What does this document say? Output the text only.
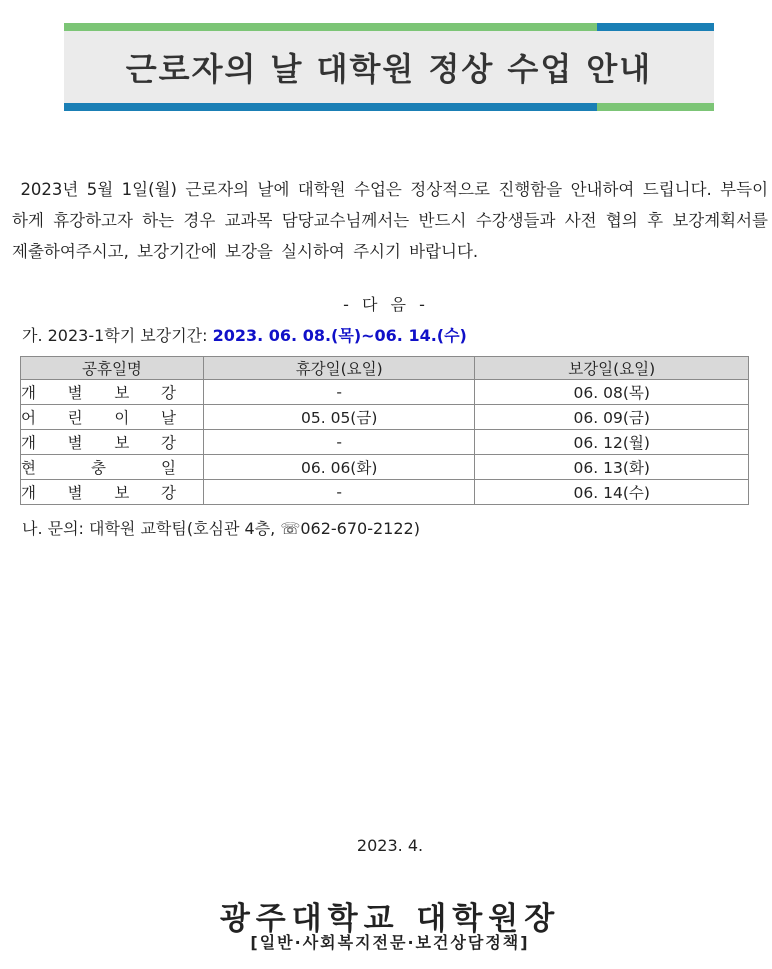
근로자의 날 대학원 정상 수업 안내
2023년 5월 1일(월) 근로자의 날에 대학원 수업은 정상적으로 진행함을 안내하여 드립니다. 부득이하게 휴강하고자 하는 경우 교과목 담당교수님께서는 반드시 수강생들과 사전 협의 후 보강계획서를 제출하여주시고, 보강기간에 보강을 실시하여 주시기 바랍니다.
- 다 음 -
가. 2023-1학기 보강기간: 2023. 06. 08.(목)~06. 14.(수)
공휴일명	휴강일(요일)	보강일(요일)

개 별 보 강	-	06. 08(목)

어 린 이 날	05. 05(금)	06. 09(금)

개 별 보 강	-	06. 12(월)

현 충 일	06. 06(화)	06. 13(화)

개 별 보 강	-	06. 14(수)
나. 문의: 대학원 교학팀(호심관 4층, ☏062-670-2122)
2023. 4.
광주대학교 대학원장
[일반·사회복지전문·보건상담정책]
